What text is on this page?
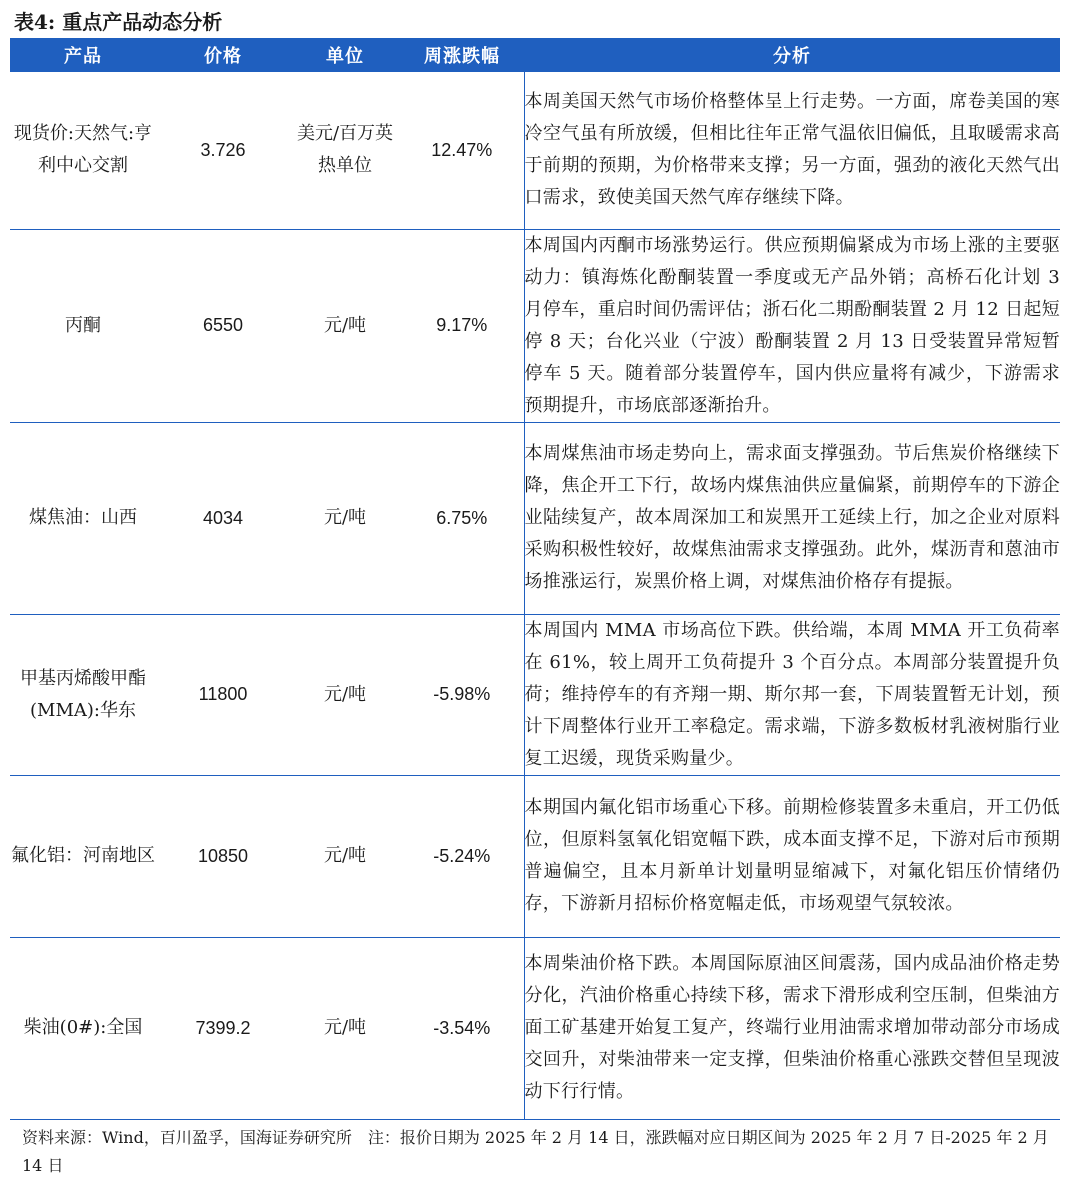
表4: 重点产品动态分析
产品	价格	单位	周涨跌幅	分析
现货价:天然气:亨利中心交割	3.726	美元/百万英热单位	12.47%	本周美国天然气市场价格整体呈上行走势。一方面，席卷美国的寒冷空气虽有所放缓，但相比往年正常气温依旧偏低，且取暖需求高于前期的预期，为价格带来支撑；另一方面，强劲的液化天然气出口需求，致使美国天然气库存继续下降。
丙酮	6550	元/吨	9.17%	本周国内丙酮市场涨势运行。供应预期偏紧成为市场上涨的主要驱动力：镇海炼化酚酮装置一季度或无产品外销；高桥石化计划 3 月停车，重启时间仍需评估；浙石化二期酚酮装置 2 月 12 日起短停 8 天；台化兴业（宁波）酚酮装置 2 月 13 日受装置异常短暂停车 5 天。随着部分装置停车，国内供应量将有减少，下游需求预期提升，市场底部逐渐抬升。
煤焦油：山西	4034	元/吨	6.75%	本周煤焦油市场走势向上，需求面支撑强劲。节后焦炭价格继续下降，焦企开工下行，故场内煤焦油供应量偏紧，前期停车的下游企业陆续复产，故本周深加工和炭黑开工延续上行，加之企业对原料采购积极性较好，故煤焦油需求支撑强劲。此外，煤沥青和蒽油市场推涨运行，炭黑价格上调，对煤焦油价格存有提振。
甲基丙烯酸甲酯(MMA):华东	11800	元/吨	-5.98%	本周国内 MMA 市场高位下跌。供给端，本周 MMA 开工负荷率在 61%，较上周开工负荷提升 3 个百分点。本周部分装置提升负荷；维持停车的有齐翔一期、斯尔邦一套，下周装置暂无计划，预计下周整体行业开工率稳定。需求端，下游多数板材乳液树脂行业复工迟缓，现货采购量少。
氟化铝：河南地区	10850	元/吨	-5.24%	本期国内氟化铝市场重心下移。前期检修装置多未重启，开工仍低位，但原料氢氧化铝宽幅下跌，成本面支撑不足，下游对后市预期普遍偏空，且本月新单计划量明显缩减下，对氟化铝压价情绪仍存，下游新月招标价格宽幅走低，市场观望气氛较浓。
柴油(0#):全国	7399.2	元/吨	-3.54%	本周柴油价格下跌。本周国际原油区间震荡，国内成品油价格走势分化，汽油价格重心持续下移，需求下滑形成利空压制，但柴油方面工矿基建开始复工复产，终端行业用油需求增加带动部分市场成交回升，对柴油带来一定支撑，但柴油价格重心涨跌交替但呈现波动下行行情。
资料来源：Wind，百川盈孚，国海证券研究所　注：报价日期为 2025 年 2 月 14 日，涨跌幅对应日期区间为 2025 年 2 月 7 日-2025 年 2 月 14 日
